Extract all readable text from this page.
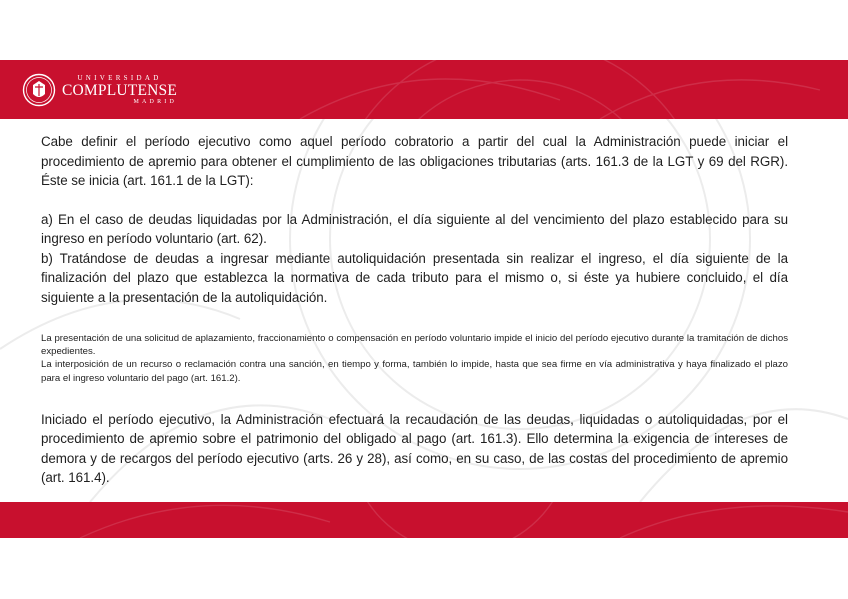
UNIVERSIDAD
COMPLUTENSE
MADRID

Cabe definir el período ejecutivo como aquel período cobratorio a partir del cual la Administración puede iniciar el procedimiento de apremio para obtener el cumplimiento de las obligaciones tributarias (arts. 161.3 de la LGT y 69 del RGR). Éste se inicia (art. 161.1 de la LGT):

a) En el caso de deudas liquidadas por la Administración, el día siguiente al del vencimiento del plazo establecido para su ingreso en período voluntario (art. 62).

b) Tratándose de deudas a ingresar mediante autoliquidación presentada sin realizar el ingreso, el día siguiente de la finalización del plazo que establezca la normativa de cada tributo para el mismo o, si éste ya hubiere concluido, el día siguiente a la presentación de la autoliquidación.

La presentación de una solicitud de aplazamiento, fraccionamiento o compensación en período voluntario impide el inicio del período ejecutivo durante la tramitación de dichos expedientes.

La interposición de un recurso o reclamación contra una sanción, en tiempo y forma, también lo impide, hasta que sea firme en vía administrativa y haya finalizado el plazo para el ingreso voluntario del pago (art. 161.2).

Iniciado el período ejecutivo, la Administración efectuará la recaudación de las deudas, liquidadas o autoliquidadas, por el procedimiento de apremio sobre el patrimonio del obligado al pago (art. 161.3). Ello determina la exigencia de intereses de demora y de recargos del período ejecutivo (arts. 26 y 28), así como, en su caso, de las costas del procedimiento de apremio (art. 161.4).
